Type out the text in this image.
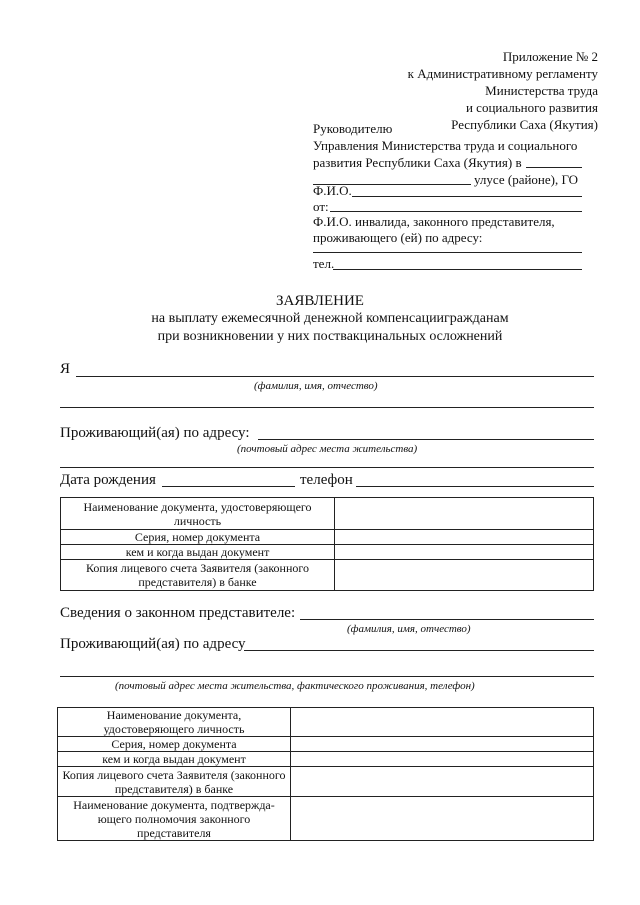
Приложение № 2
к Административному регламенту
Министерства труда
и социального развития
Республики Саха (Якутия)
Руководителю
Управления Министерства труда и социального
развития Республики Саха (Якутия) в
улусе (районе), ГО
Ф.И.О.
от:
Ф.И.О. инвалида, законного представителя,
проживающего (ей) по адресу:
тел.
ЗАЯВЛЕНИЕ
на выплату ежемесячной денежной компенсациигражданам
при возникновении у них поствакцинальных осложнений
Я
(фамилия, имя, отчество)
Проживающий(ая) по адресу:
(почтовый адрес места жительства)
Дата рождения	телефон
Наименование документа, удостоверяющего личность	
Серия, номер документа	
кем и когда выдан документ	
Копия лицевого счета Заявителя (законного представителя) в банке	
Сведения о законном представителе:
(фамилия, имя, отчество)
Проживающий(ая) по адресу
(почтовый адрес места жительства, фактического проживания, телефон)
Наименование документа, удостоверяющего личность	
Серия, номер документа	
кем и когда выдан документ	
Копия лицевого счета Заявителя (законного представителя) в банке	
Наименование документа, подтвержда-ющего полномочия законного представителя	
